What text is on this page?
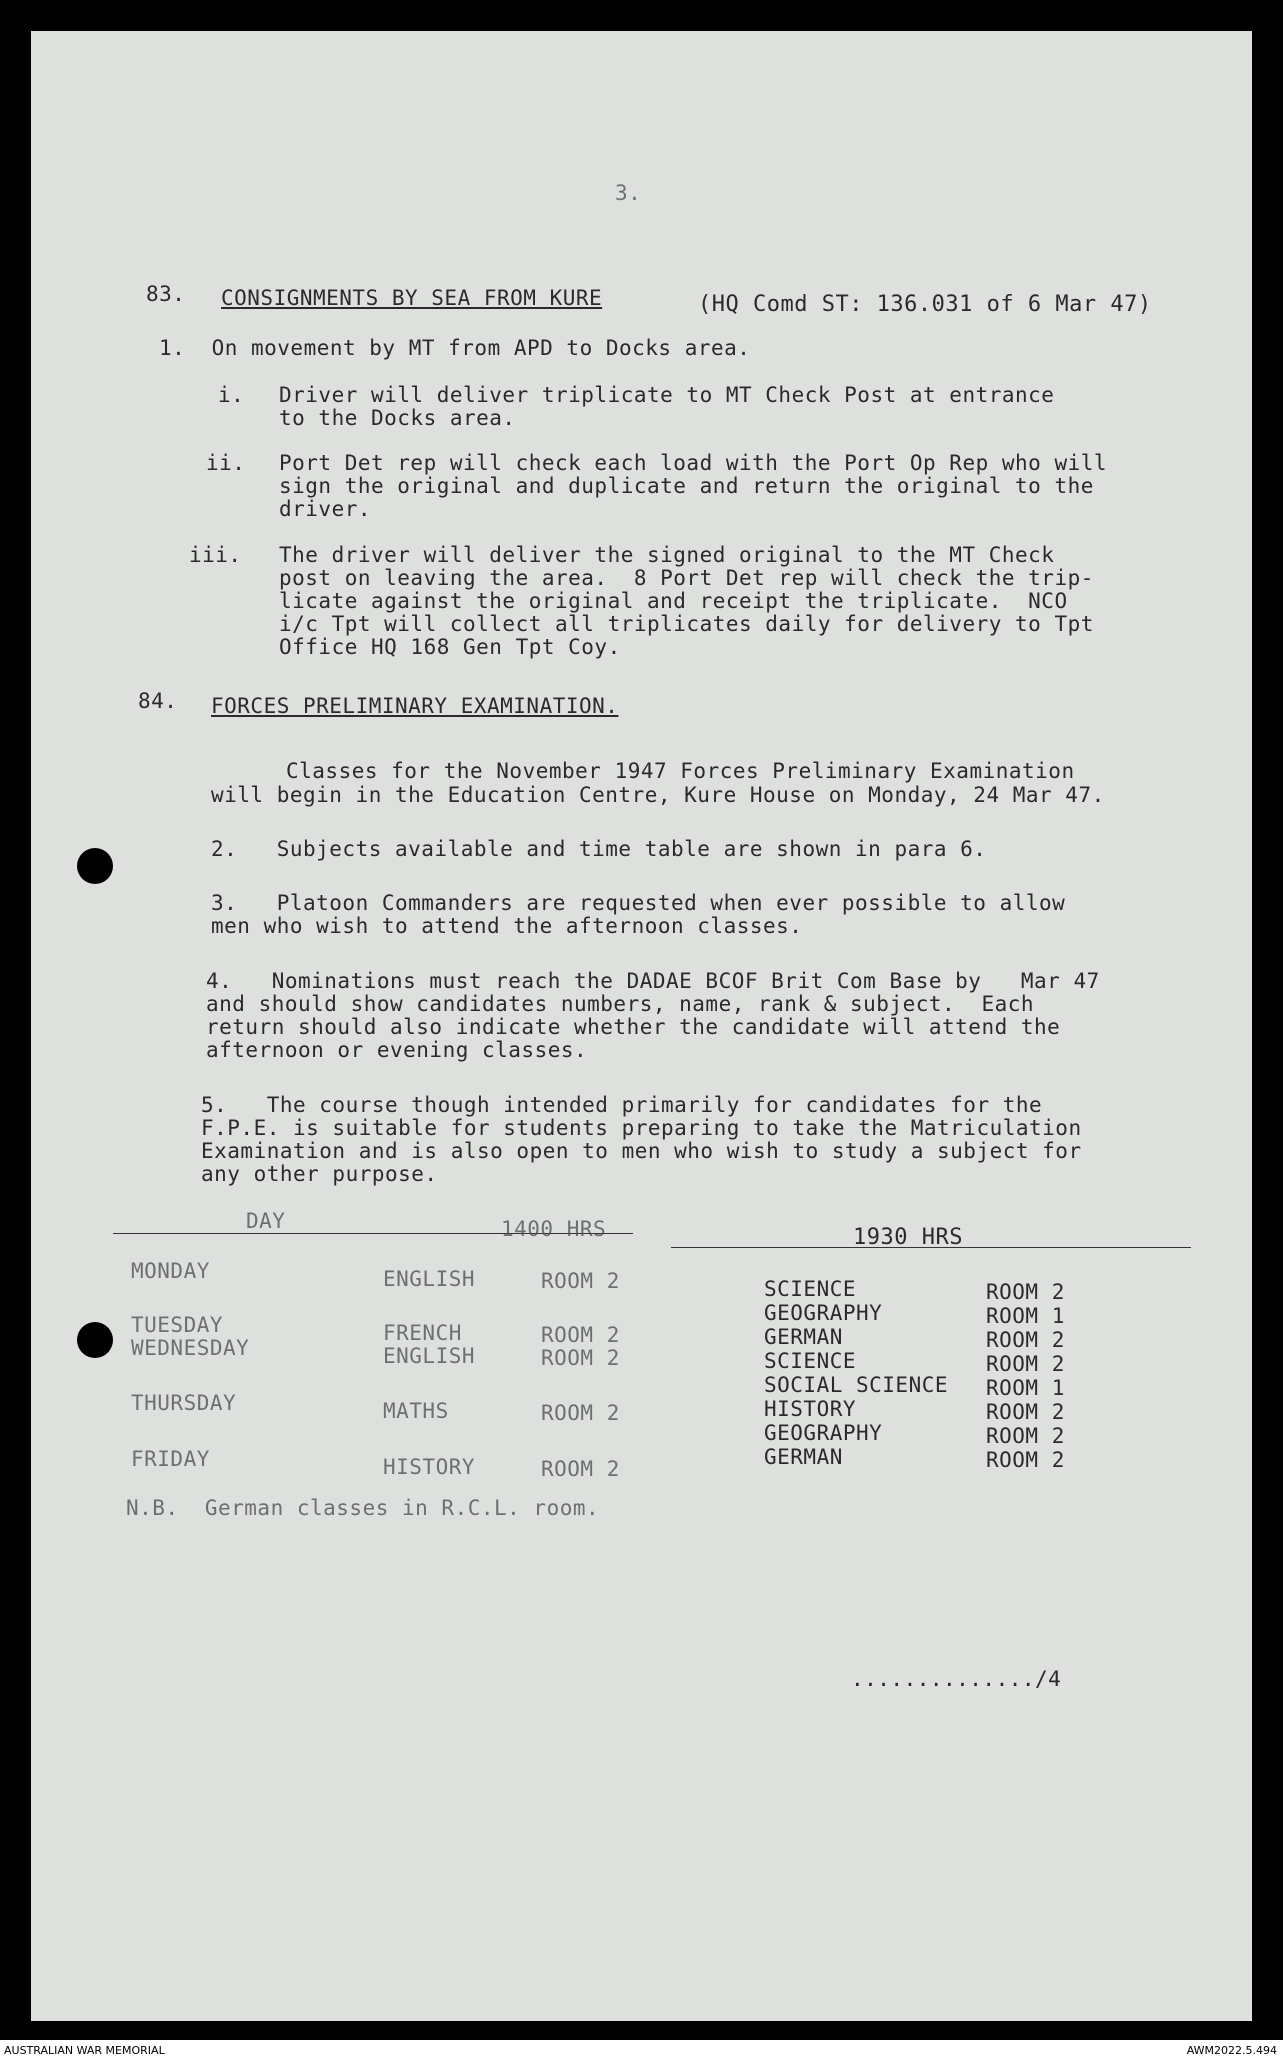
3.
83. CONSIGNMENTS BY SEA FROM KURE	(HQ Comd ST: 136.031 of 6 Mar 47)
1.  On movement by MT from APD to Docks area.
i. Driver will deliver triplicate to MT Check Post at entrance
to the Docks area.
ii. Port Det rep will check each load with the Port Op Rep who will
sign the original and duplicate and return the original to the
driver.
iii. The driver will deliver the signed original to the MT Check
post on leaving the area.  8 Port Det rep will check the trip-
licate against the original and receipt the triplicate.  NCO
i/c Tpt will collect all triplicates daily for delivery to Tpt
Office HQ 168 Gen Tpt Coy.
84. FORCES PRELIMINARY EXAMINATION.
Classes for the November 1947 Forces Preliminary Examination
will begin in the Education Centre, Kure House on Monday, 24 Mar 47.
2.   Subjects available and time table are shown in para 6.
3.   Platoon Commanders are requested when ever possible to allow
men who wish to attend the afternoon classes.
4.   Nominations must reach the DADAE BCOF Brit Com Base by   Mar 47
and should show candidates numbers, name, rank & subject.  Each
return should also indicate whether the candidate will attend the
afternoon or evening classes.
5.   The course though intended primarily for candidates for the
F.P.E. is suitable for students preparing to take the Matriculation
Examination and is also open to men who wish to study a subject for
any other purpose.
DAY	1400 HRS	1930 HRS
MONDAY	ENGLISH	ROOM 2
TUESDAY	FRENCH	ROOM 2
WEDNESDAY	ENGLISH	ROOM 2
THURSDAY	MATHS	ROOM 2
FRIDAY	HISTORY	ROOM 2
SCIENCE	ROOM 2
GEOGRAPHY	ROOM 1
GERMAN	ROOM 2
SCIENCE	ROOM 2
SOCIAL SCIENCE ROOM 1
HISTORY	ROOM 2
GEOGRAPHY	ROOM 2
GERMAN	ROOM 2
N.B.  German classes in R.C.L. room.
............../4
AUSTRALIAN WAR MEMORIAL	AWM2022.5.494
